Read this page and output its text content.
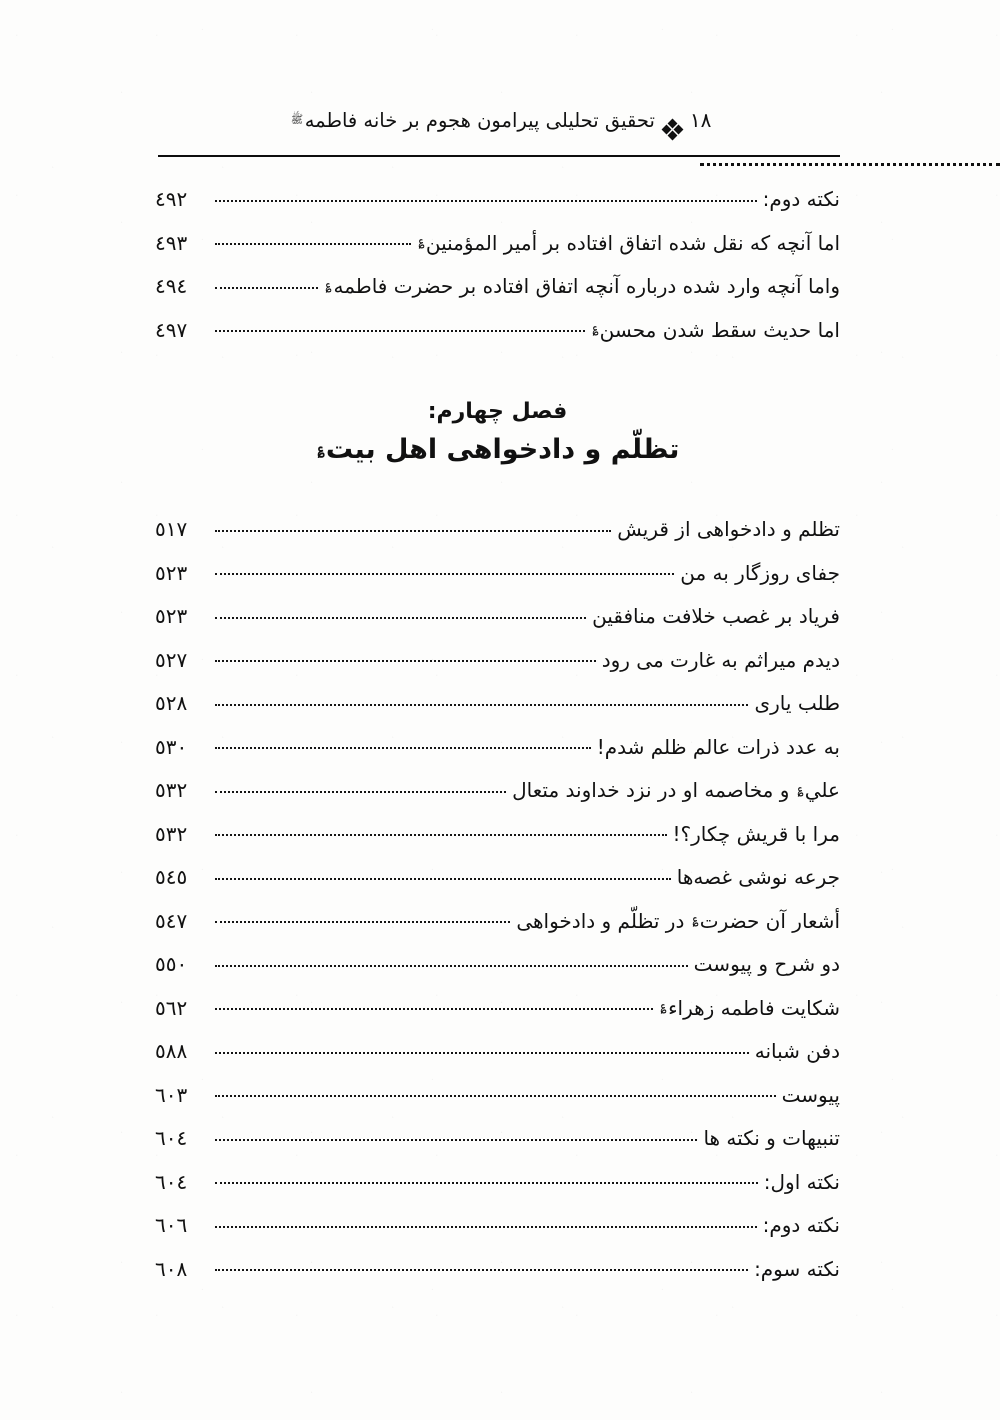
١٨
تحقیق تحلیلی پیرامون هجوم بر خانه فاطمهﷺ
نکته دوم:
٤٩٢
اما آنچه که نقل شده اتفاق افتاده بر أمیر المؤمنین؏
٤٩٣
واما آنچه وارد شده درباره آنچه اتفاق افتاده بر حضرت فاطمه؏
٤٩٤
اما حدیث سقط شدن محسن؏
٤٩٧
فصل چهارم:
تظلّم و دادخواهی اهل بیت؏
تظلم و دادخواهی از قریش
٥١٧
جفای روزگار به من
٥٢٣
فریاد بر غصب خلافت منافقین
٥٢٣
دیدم میراثم به غارت می رود
٥٢٧
طلب یاری
٥٢٨
به عدد ذرات عالم ظلم شدم!
٥٣٠
علي؏ و مخاصمه او در نزد خداوند متعال
٥٣٢
مرا با قریش چکار؟!
٥٣٢
جرعه نوشی غصه‌ها
٥٤٥
أشعار آن حضرت؏ در تظلّم و دادخواهی
٥٤٧
دو شرح و پیوست
٥٥٠
شکایت فاطمه زهراء؏
٥٦٢
دفن شبانه
٥٨٨
پیوست
٦٠٣
تنبیهات و نکته ها
٦٠٤
نکته اول:
٦٠٤
نکته دوم:
٦٠٦
نکته سوم:
٦٠٨
